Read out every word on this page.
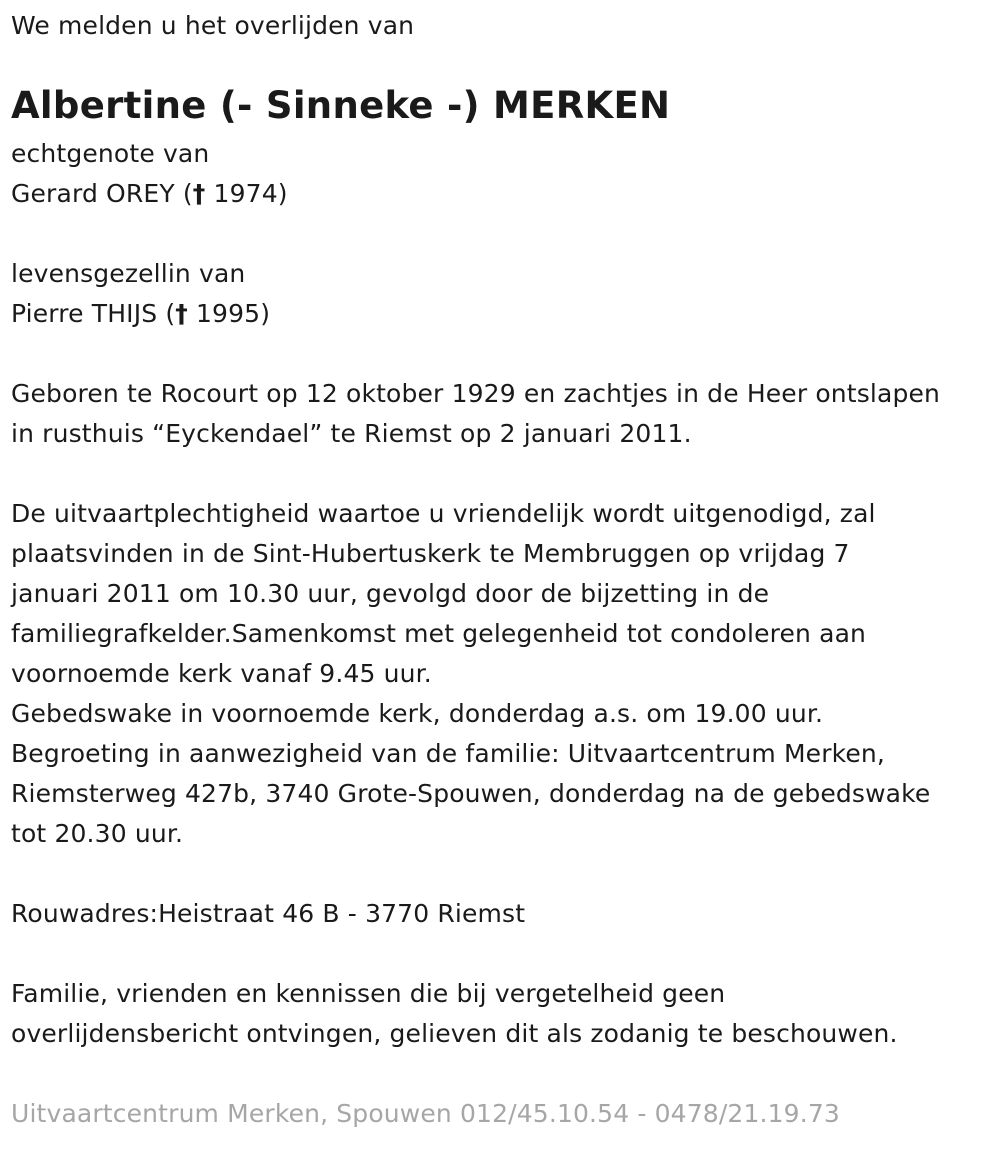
We melden u het overlijden van
Albertine (- Sinneke -) MERKEN
echtgenote van
Gerard OREY († 1974)
levensgezellin van
Pierre THIJS († 1995)
Geboren te Rocourt op 12 oktober 1929 en zachtjes in de Heer ontslapen
in rusthuis “Eyckendael” te Riemst op 2 januari 2011.
De uitvaartplechtigheid waartoe u vriendelijk wordt uitgenodigd, zal
plaatsvinden in de Sint-Hubertuskerk te Membruggen op vrijdag 7
januari 2011 om 10.30 uur, gevolgd door de bijzetting in de
familiegrafkelder.Samenkomst met gelegenheid tot condoleren aan
voornoemde kerk vanaf 9.45 uur.
Gebedswake in voornoemde kerk, donderdag a.s. om 19.00 uur.
Begroeting in aanwezigheid van de familie: Uitvaartcentrum Merken,
Riemsterweg 427b, 3740 Grote-Spouwen, donderdag na de gebedswake
tot 20.30 uur.
Rouwadres:Heistraat 46 B - 3770 Riemst
Familie, vrienden en kennissen die bij vergetelheid geen
overlijdensbericht ontvingen, gelieven dit als zodanig te beschouwen.
Uitvaartcentrum Merken, Spouwen 012/45.10.54 - 0478/21.19.73
